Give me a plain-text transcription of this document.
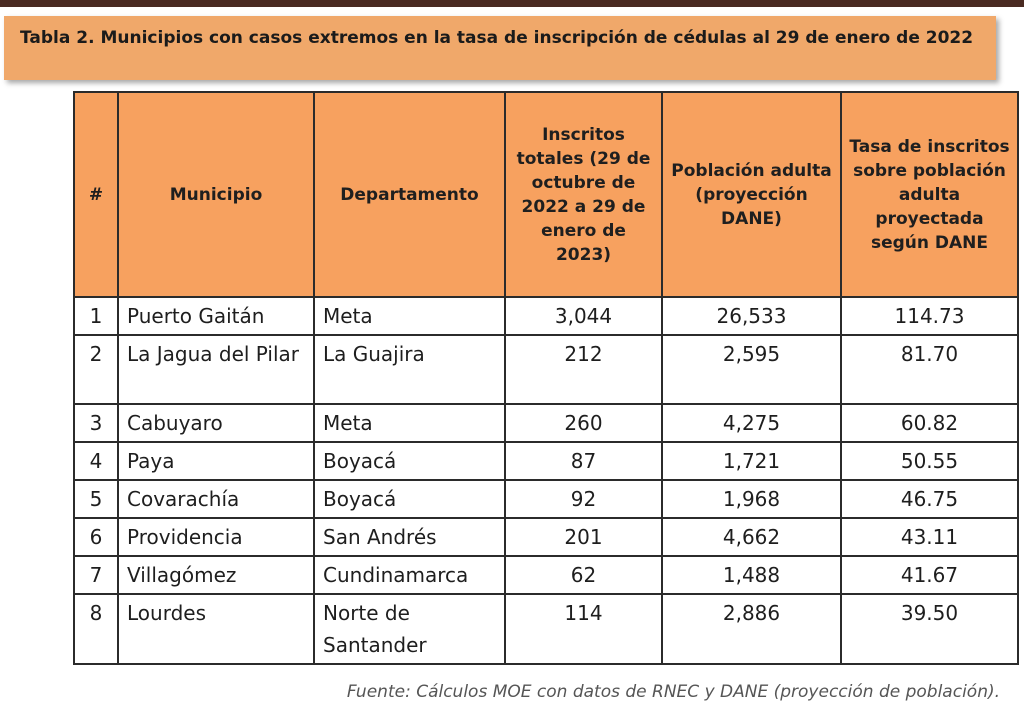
Tabla 2. Municipios con casos extremos en la tasa de inscripción de cédulas al 29 de enero de 2022
#	Municipio	Departamento	Inscritos totales (29 de octubre de 2022 a 29 de enero de 2023)	Población adulta (proyección DANE)	Tasa de inscritos sobre población adulta proyectada según DANE
1	Puerto Gaitán	Meta	3,044	26,533	114.73
2	La Jagua del Pilar	La Guajira	212	2,595	81.70
3	Cabuyaro	Meta	260	4,275	60.82
4	Paya	Boyacá	87	1,721	50.55
5	Covarachía	Boyacá	92	1,968	46.75
6	Providencia	San Andrés	201	4,662	43.11
7	Villagómez	Cundinamarca	62	1,488	41.67
8	Lourdes	Norte de Santander	114	2,886	39.50
Fuente: Cálculos MOE con datos de RNEC y DANE (proyección de población).
